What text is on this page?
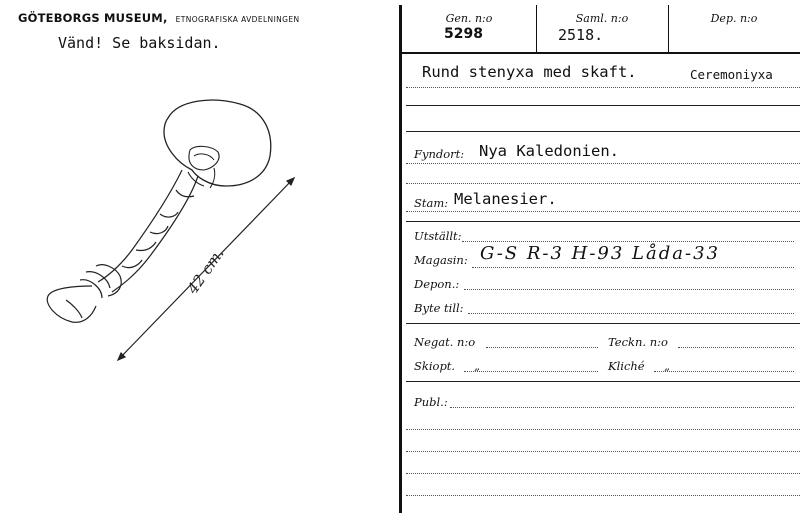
GÖTEBORGS MUSEUM, ETNOGRAFISKA AVDELNINGEN
Vänd! Se baksidan.
42 cm.
Gen. n:o
5298
Saml. n:o
2518.
Dep. n:o
Rund stenyxa med skaft.	Ceremoniyxa
Fyndort: Nya Kaledonien.
Stam: Melanesier.
Utställt:
Magasin: G-S R-3 H-93 Låda-33
Depon.:
Byte till:
Negat. n:o	Teckn. n:o
Skiopt. „	Kliché „
Publ.:
